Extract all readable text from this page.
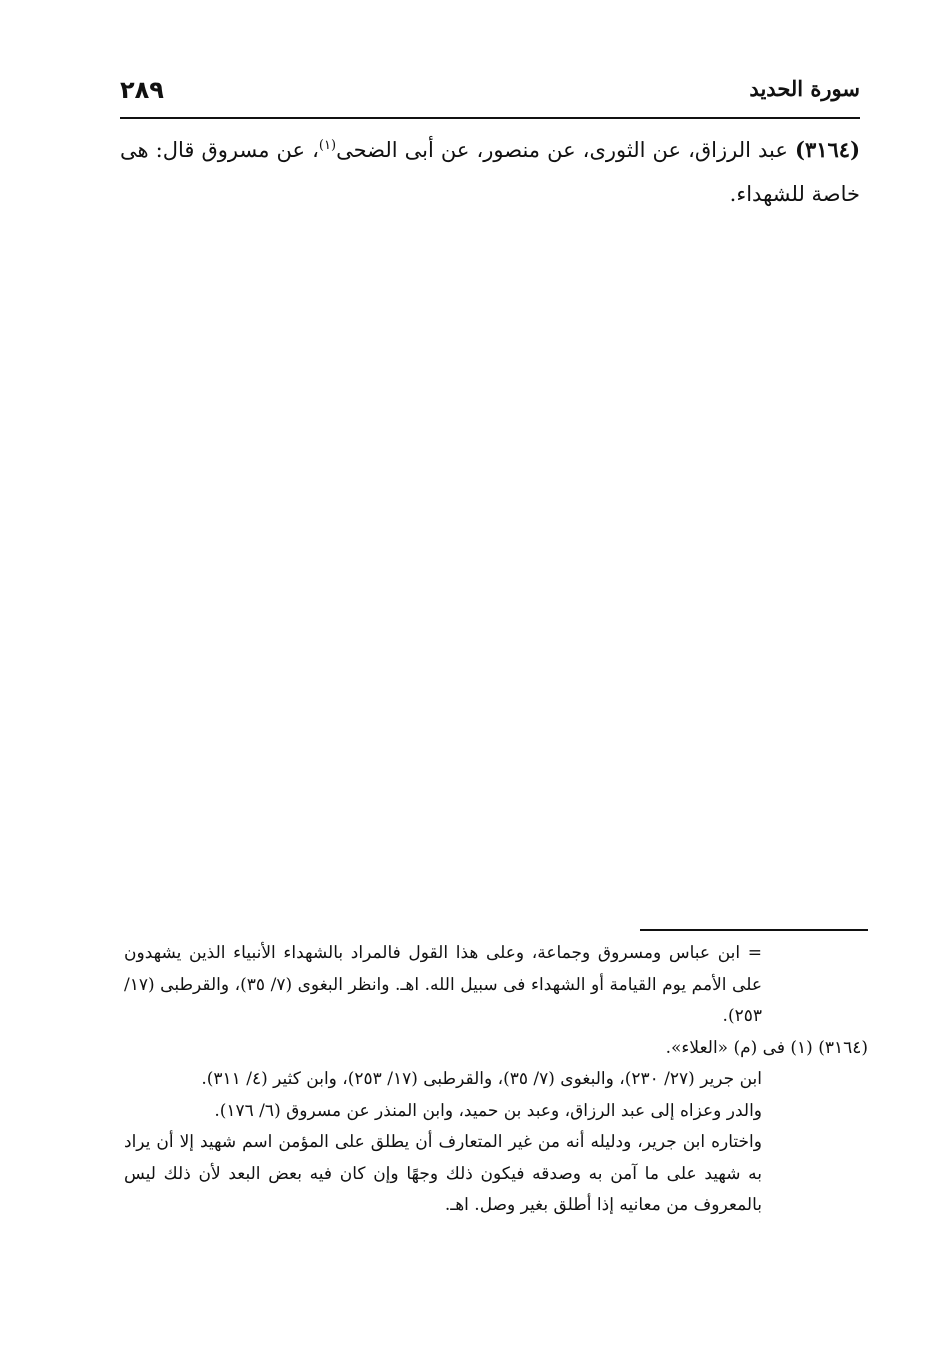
٢٨٩	سورة الحديد
(٣١٦٤) عبد الرزاق، عن الثورى، عن منصور، عن أبى الضحى$^{(١)}$، عن مسروق قال: هى خاصة للشهداء.
= ابن عباس ومسروق وجماعة، وعلى هذا القول فالمراد بالشهداء الأنبياء الذين يشهدون على الأمم يوم القيامة أو الشهداء فى سبيل الله. اهـ. وانظر البغوى (٧/ ٣٥)، والقرطبى (١٧/ ٢٥٣).
(٣١٦٤) (١) فى (م) «العلاء».
ابن جرير (٢٧/ ٢٣٠)، والبغوى (٧/ ٣٥)، والقرطبى (١٧/ ٢٥٣)، وابن كثير (٤/ ٣١١).
والدر وعزاه إلى عبد الرزاق، وعبد بن حميد، وابن المنذر عن مسروق (٦/ ١٧٦).
واختاره ابن جرير، ودليله أنه من غير المتعارف أن يطلق على المؤمن اسم شهيد إلا أن يراد به شهيد على ما آمن به وصدقه فيكون ذلك وجهًا وإن كان فيه بعض البعد لأن ذلك ليس بالمعروف من معانيه إذا أطلق بغير وصل. اهـ.
